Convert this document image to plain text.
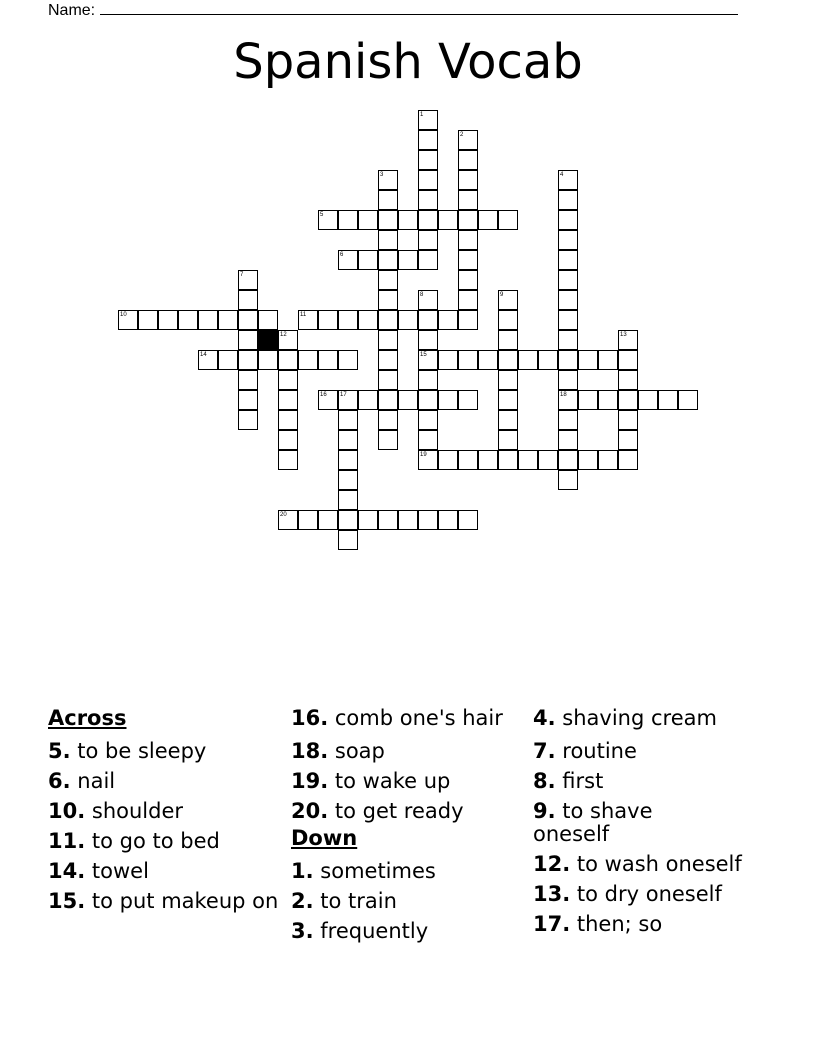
Name:
Spanish Vocab
1
2
3	4
18
5
6
7
8
15
9
10	11
12	13
14
16 17
19
20
Across
5. to be sleepy
6. nail
10. shoulder
11. to go to bed
14. towel
15. to put makeup on
16. comb one's hair
18. soap
19. to wake up
20. to get ready
Down
1. sometimes
2. to train
3. frequently
4. shaving cream
7. routine
8. first
9. to shave oneself
12. to wash oneself
13. to dry oneself
17. then; so
